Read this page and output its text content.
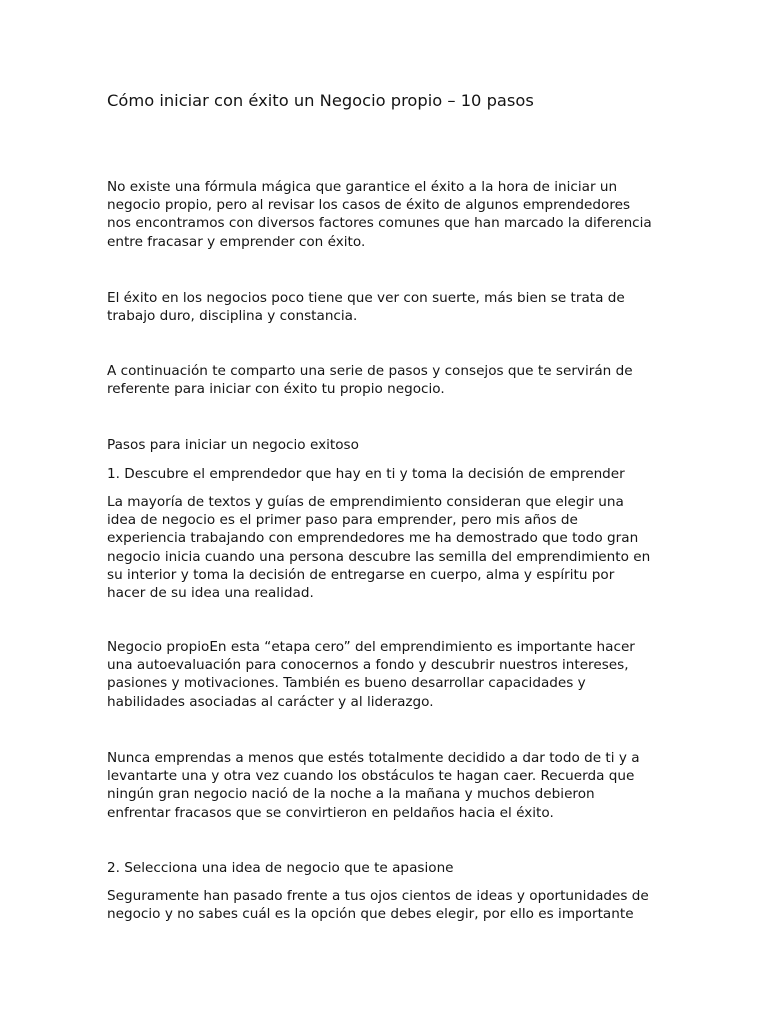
Cómo iniciar con éxito un Negocio propio – 10 pasos

No existe una fórmula mágica que garantice el éxito a la hora de iniciar un
negocio propio, pero al revisar los casos de éxito de algunos emprendedores
nos encontramos con diversos factores comunes que han marcado la diferencia
entre fracasar y emprender con éxito.

El éxito en los negocios poco tiene que ver con suerte, más bien se trata de
trabajo duro, disciplina y constancia.

A continuación te comparto una serie de pasos y consejos que te servirán de
referente para iniciar con éxito tu propio negocio.

Pasos para iniciar un negocio exitoso

1. Descubre el emprendedor que hay en ti y toma la decisión de emprender

La mayoría de textos y guías de emprendimiento consideran que elegir una
idea de negocio es el primer paso para emprender, pero mis años de
experiencia trabajando con emprendedores me ha demostrado que todo gran
negocio inicia cuando una persona descubre las semilla del emprendimiento en
su interior y toma la decisión de entregarse en cuerpo, alma y espíritu por
hacer de su idea una realidad.

Negocio propioEn esta “etapa cero” del emprendimiento es importante hacer
una autoevaluación para conocernos a fondo y descubrir nuestros intereses,
pasiones y motivaciones. También es bueno desarrollar capacidades y
habilidades asociadas al carácter y al liderazgo.

Nunca emprendas a menos que estés totalmente decidido a dar todo de ti y a
levantarte una y otra vez cuando los obstáculos te hagan caer. Recuerda que
ningún gran negocio nació de la noche a la mañana y muchos debieron
enfrentar fracasos que se convirtieron en peldaños hacia el éxito.

2. Selecciona una idea de negocio que te apasione

Seguramente han pasado frente a tus ojos cientos de ideas y oportunidades de
negocio y no sabes cuál es la opción que debes elegir, por ello es importante
